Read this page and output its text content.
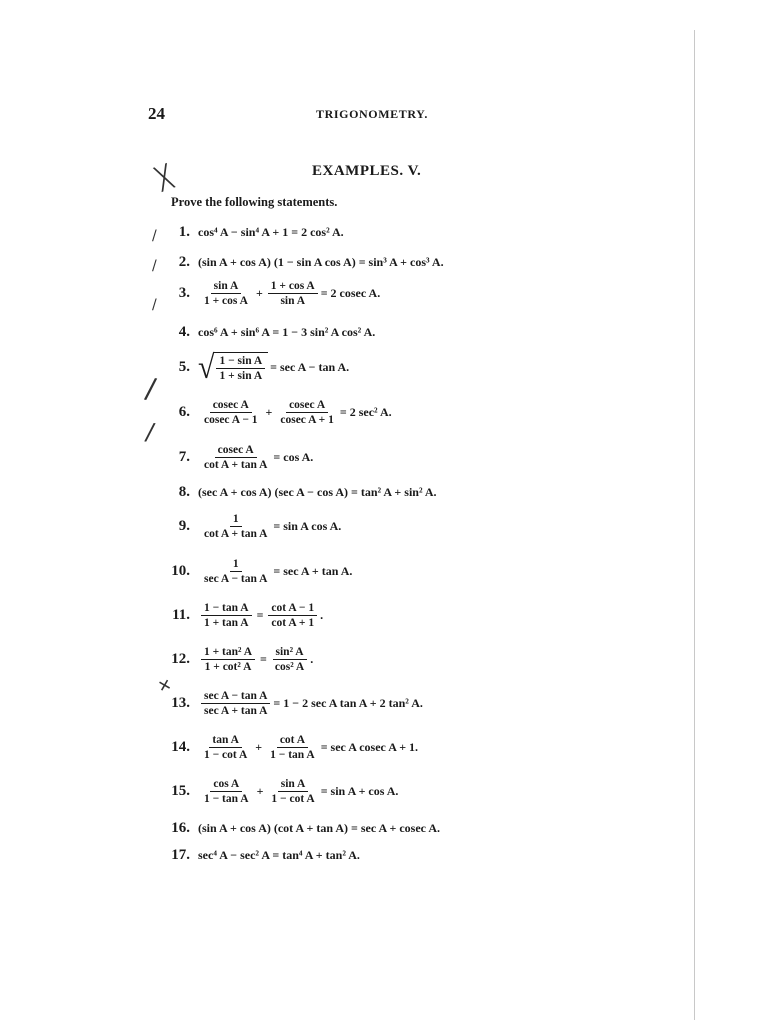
24	TRIGONOMETRY.
EXAMPLES. V.
Prove the following statements.
╳
/
/
/
/
/
✕
1. cos⁴ A − sin⁴ A + 1 = 2 cos² A.
2. (sin A + cos A) (1 − sin A cos A) = sin³ A + cos³ A.
3. $\frac{\text{sin A}}{\text{1 + cos A}} + \frac{\text{1 + cos A}}{\text{sin A}} = 2$ cosec A.
4. cos⁶ A + sin⁶ A = 1 − 3 sin² A cos² A.
5. √ $\frac{\text{1 − sin A}}{\text{1 + sin A}} = \sec A - \tan A$.
6. $\frac{\text{cosec A}}{\text{cosec A − 1}} + \frac{\text{cosec A}}{\text{cosec A + 1}} = 2$ sec² A.
7. $\frac{\text{cosec A}}{\text{cot A + tan A}} = \cos A$.
8. (sec A + cos A) (sec A − cos A) = tan² A + sin² A.
9. $\frac{1}{\text{cot A + tan A}} = \sin A$ cos A.
10. $\frac{1}{\text{sec A − tan A}} = \sec A + \tan A$.
11. $\frac{\text{1 − tan A}}{\text{1 + tan A}} = \frac{\text{cot A − 1}}{\text{cot A + 1}}$ .
12. $\frac{\text{1 + tan² A}}{\text{1 + cot² A}} = \frac{\text{sin² A}}{\text{cos² A}}$ .
13. $\frac{\text{sec A − tan A}}{\text{sec A + tan A}} = 1 - 2$ sec A tan A + 2 tan² A.
14. $\frac{\text{tan A}}{\text{1 − cot A}} + \frac{\text{cot A}}{\text{1 − tan A}} = \sec A$ cosec A + 1.
15. $\frac{\text{cos A}}{\text{1 − tan A}} + \frac{\text{sin A}}{\text{1 − cot A}} = \sin A + \cos A$.
16. (sin A + cos A) (cot A + tan A) = sec A + cosec A.
17. sec⁴ A − sec² A = tan⁴ A + tan² A.
